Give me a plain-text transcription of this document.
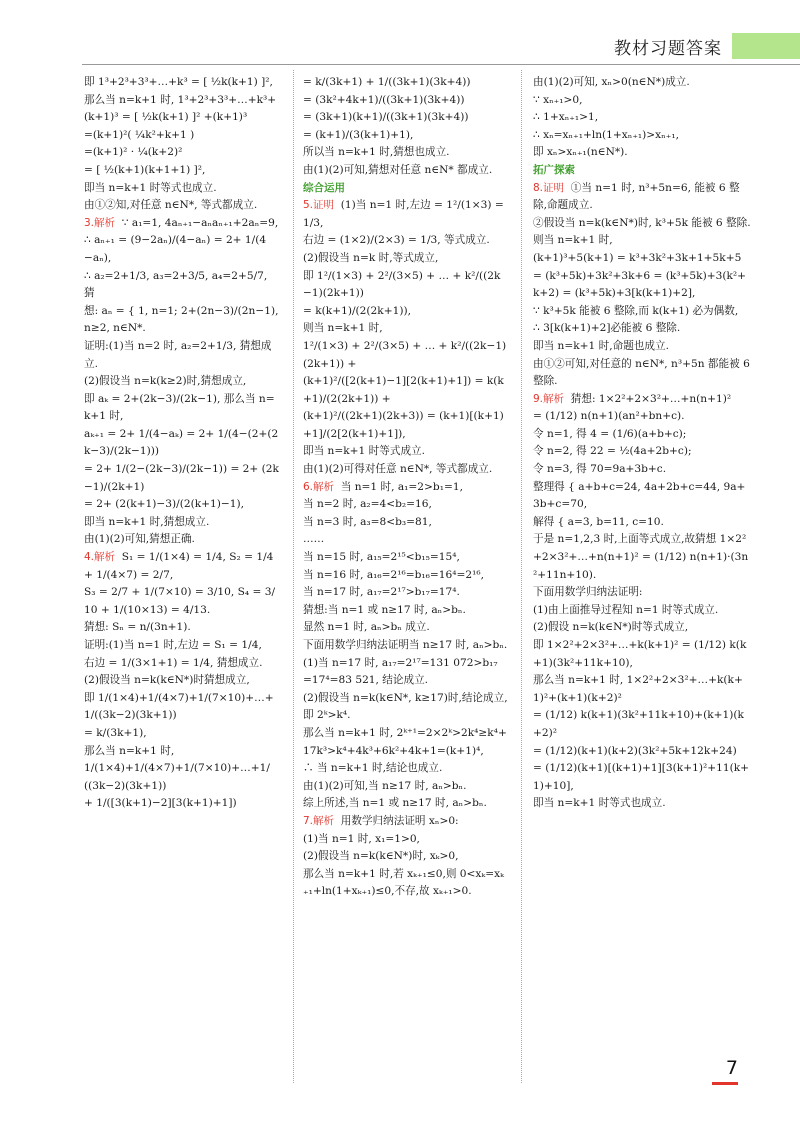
教材习题答案
即 1³+2³+3³+…+k³ = [ ½k(k+1) ]²,
那么当 n=k+1 时, 1³+2³+3³+…+k³+(k+1)³ = [ ½k(k+1) ]² +(k+1)³
=(k+1)²( ¼k²+k+1 )
=(k+1)² · ¼(k+2)²
= [ ½(k+1)(k+1+1) ]²,
即当 n=k+1 时等式也成立.
由①②知,对任意 n∈N*, 等式都成立.
3.解析  ∵ a₁=1, 4aₙ₊₁−aₙaₙ₊₁+2aₙ=9,
∴ aₙ₊₁ = (9−2aₙ)/(4−aₙ) = 2+ 1/(4−aₙ),
∴ a₂=2+1/3, a₃=2+3/5, a₄=2+5/7, 猜
想: aₙ = { 1, n=1; 2+(2n−3)/(2n−1), n≥2, n∈N*.
证明:(1)当 n=2 时, a₂=2+1/3, 猜想成立.
(2)假设当 n=k(k≥2)时,猜想成立,
即 aₖ = 2+(2k−3)/(2k−1), 那么当 n=k+1 时,
aₖ₊₁ = 2+ 1/(4−aₖ) = 2+ 1/(4−(2+(2k−3)/(2k−1)))
= 2+ 1/(2−(2k−3)/(2k−1)) = 2+ (2k−1)/(2k+1)
= 2+ (2(k+1)−3)/(2(k+1)−1),
即当 n=k+1 时,猜想成立.
由(1)(2)可知,猜想正确.
4.解析  S₁ = 1/(1×4) = 1/4, S₂ = 1/4 + 1/(4×7) = 2/7,
S₃ = 2/7 + 1/(7×10) = 3/10, S₄ = 3/10 + 1/(10×13) = 4/13.
猜想: Sₙ = n/(3n+1).
证明:(1)当 n=1 时,左边 = S₁ = 1/4,
右边 = 1/(3×1+1) = 1/4, 猜想成立.
(2)假设当 n=k(k∈N*)时猜想成立,
即 1/(1×4)+1/(4×7)+1/(7×10)+…+1/((3k−2)(3k+1))
= k/(3k+1),
那么当 n=k+1 时,
1/(1×4)+1/(4×7)+1/(7×10)+…+1/((3k−2)(3k+1))
+ 1/([3(k+1)−2][3(k+1)+1])
= k/(3k+1) + 1/((3k+1)(3k+4))
= (3k²+4k+1)/((3k+1)(3k+4))
= (3k+1)(k+1)/((3k+1)(3k+4))
= (k+1)/(3(k+1)+1),
所以当 n=k+1 时,猜想也成立.
由(1)(2)可知,猜想对任意 n∈N* 都成立.
综合运用
5.证明  (1)当 n=1 时,左边 = 1²/(1×3) = 1/3,
右边 = (1×2)/(2×3) = 1/3, 等式成立.
(2)假设当 n=k 时,等式成立,
即 1²/(1×3) + 2²/(3×5) + … + k²/((2k−1)(2k+1))
= k(k+1)/(2(2k+1)),
则当 n=k+1 时,
1²/(1×3) + 2²/(3×5) + … + k²/((2k−1)(2k+1)) +
(k+1)²/([2(k+1)−1][2(k+1)+1]) = k(k+1)/(2(2k+1)) +
(k+1)²/((2k+1)(2k+3)) = (k+1)[(k+1)+1]/(2[2(k+1)+1]),
即当 n=k+1 时等式成立.
由(1)(2)可得对任意 n∈N*, 等式都成立.
6.解析  当 n=1 时, a₁=2>b₁=1,
当 n=2 时, a₂=4<b₂=16,
当 n=3 时, a₃=8<b₃=81,
……
当 n=15 时, a₁₅=2¹⁵<b₁₅=15⁴,
当 n=16 时, a₁₆=2¹⁶=b₁₆=16⁴=2¹⁶,
当 n=17 时, a₁₇=2¹⁷>b₁₇=17⁴.
猜想:当 n=1 或 n≥17 时, aₙ>bₙ.
显然 n=1 时, aₙ>bₙ 成立.
下面用数学归纳法证明当 n≥17 时, aₙ>bₙ.
(1)当 n=17 时, a₁₇=2¹⁷=131 072>b₁₇
=17⁴=83 521, 结论成立.
(2)假设当 n=k(k∈N*, k≥17)时,结论成立,即 2ᵏ>k⁴.
那么当 n=k+1 时, 2ᵏ⁺¹=2×2ᵏ>2k⁴≥k⁴+17k³>k⁴+4k³+6k²+4k+1=(k+1)⁴,
∴ 当 n=k+1 时,结论也成立.
由(1)(2)可知,当 n≥17 时, aₙ>bₙ.
综上所述,当 n=1 或 n≥17 时, aₙ>bₙ.
7.解析  用数学归纳法证明 xₙ>0:
(1)当 n=1 时, x₁=1>0,
(2)假设当 n=k(k∈N*)时, xₖ>0,
那么当 n=k+1 时,若 xₖ₊₁≤0,则 0<xₖ=xₖ₊₁+ln(1+xₖ₊₁)≤0,不存,故 xₖ₊₁>0.
由(1)(2)可知, xₙ>0(n∈N*)成立.
∵ xₙ₊₁>0,
∴ 1+xₙ₊₁>1,
∴ xₙ=xₙ₊₁+ln(1+xₙ₊₁)>xₙ₊₁,
即 xₙ>xₙ₊₁(n∈N*).
拓广探索
8.证明  ①当 n=1 时, n³+5n=6, 能被 6 整除,命题成立.
②假设当 n=k(k∈N*)时, k³+5k 能被 6 整除.
则当 n=k+1 时,
(k+1)³+5(k+1) = k³+3k²+3k+1+5k+5 = (k³+5k)+3k²+3k+6 = (k³+5k)+3(k²+k+2) = (k³+5k)+3[k(k+1)+2],
∵ k³+5k 能被 6 整除,而 k(k+1) 必为偶数,
∴ 3[k(k+1)+2]必能被 6 整除.
即当 n=k+1 时,命题也成立.
由①②可知,对任意的 n∈N*, n³+5n 都能被 6 整除.
9.解析  猜想: 1×2²+2×3²+…+n(n+1)²
= (1/12) n(n+1)(an²+bn+c).
令 n=1, 得 4 = (1/6)(a+b+c);
令 n=2, 得 22 = ½(4a+2b+c);
令 n=3, 得 70=9a+3b+c.
整理得 { a+b+c=24, 4a+2b+c=44, 9a+3b+c=70,
解得 { a=3, b=11, c=10.
于是 n=1,2,3 时,上面等式成立,故猜想 1×2²+2×3²+…+n(n+1)² = (1/12) n(n+1)·(3n²+11n+10).
下面用数学归纳法证明:
(1)由上面推导过程知 n=1 时等式成立.
(2)假设 n=k(k∈N*)时等式成立,
即 1×2²+2×3²+…+k(k+1)² = (1/12) k(k+1)(3k²+11k+10),
那么当 n=k+1 时, 1×2²+2×3²+…+k(k+1)²+(k+1)(k+2)²
= (1/12) k(k+1)(3k²+11k+10)+(k+1)(k+2)²
= (1/12)(k+1)(k+2)(3k²+5k+12k+24)
= (1/12)(k+1)[(k+1)+1][3(k+1)²+11(k+1)+10],
即当 n=k+1 时等式也成立.
7
